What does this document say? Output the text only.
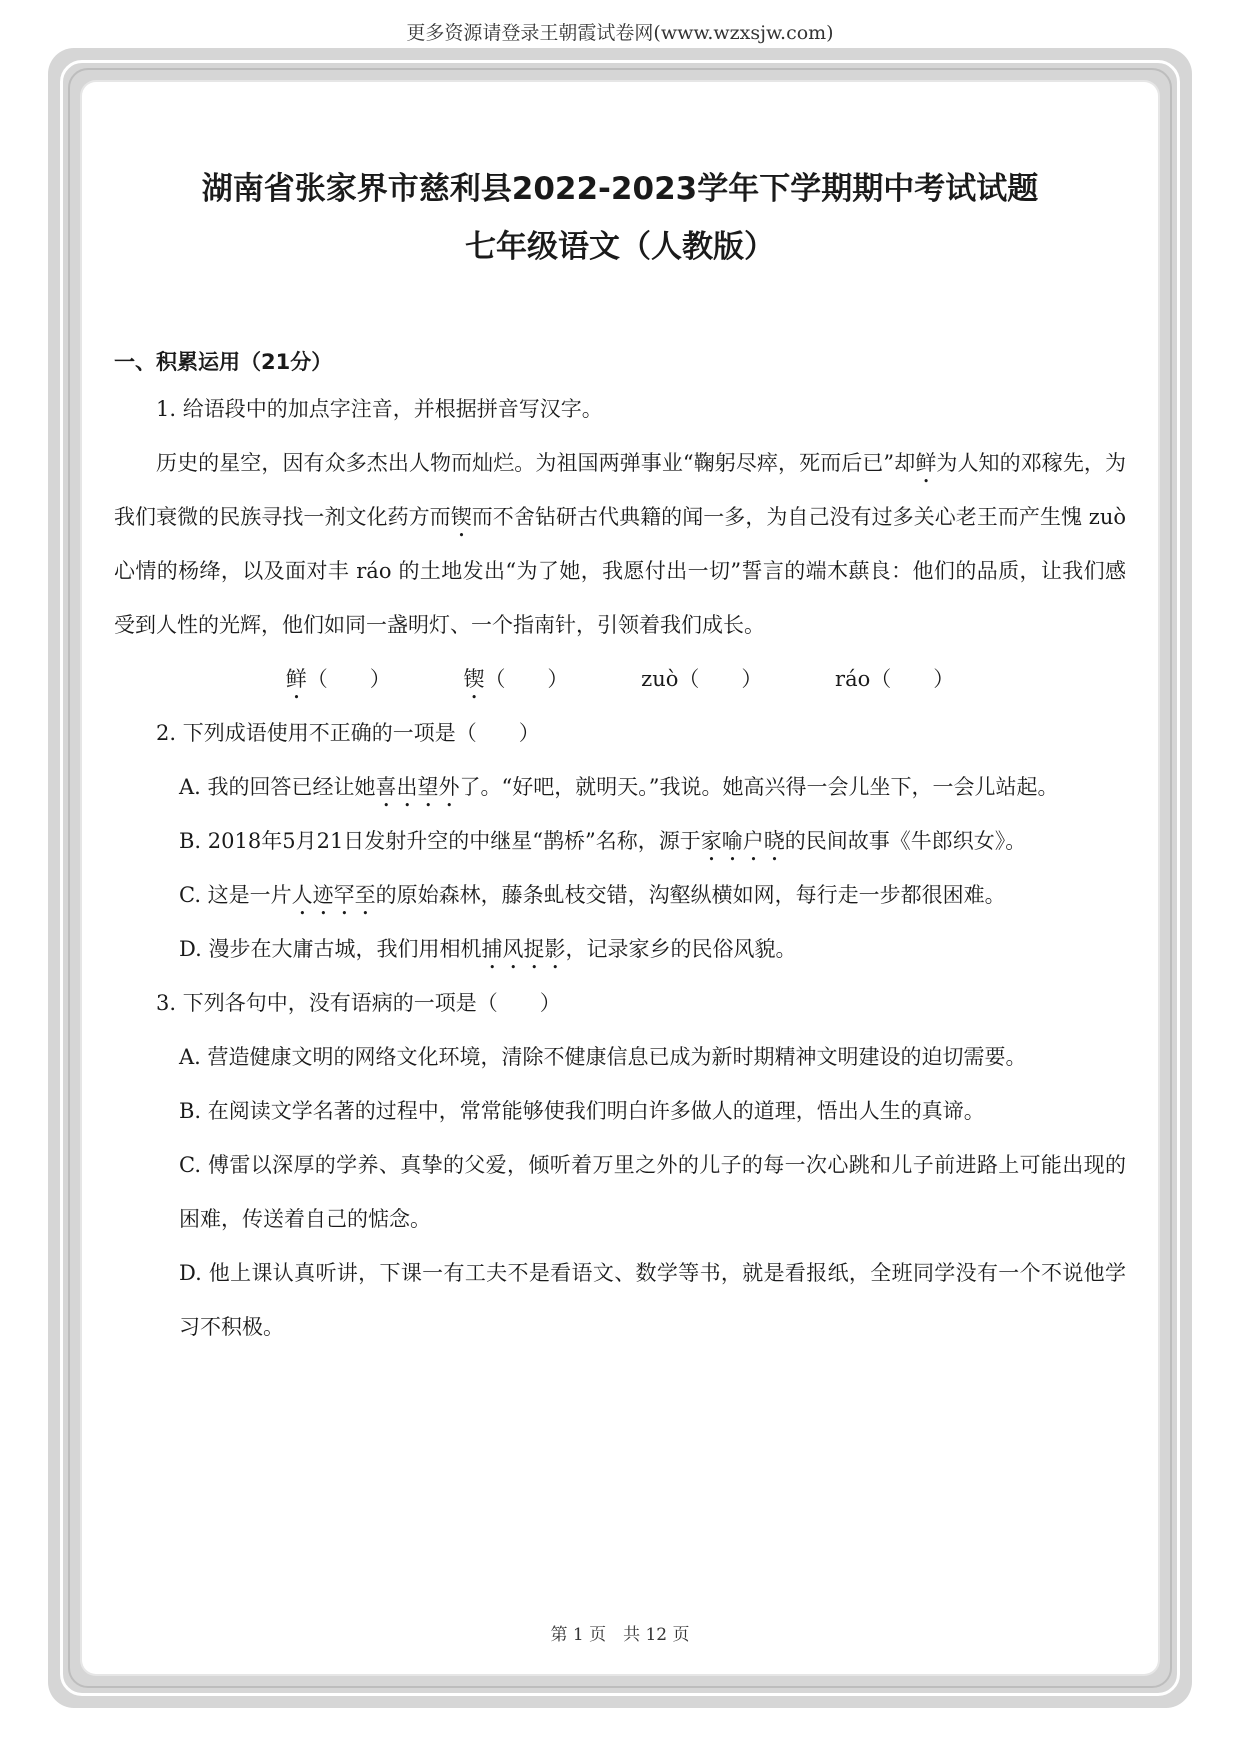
更多资源请登录王朝霞试卷网(www.wzxsjw.com)
湖南省张家界市慈利县2022-2023学年下学期期中考试试题
七年级语文（人教版）
一、积累运用（21分）

1. 给语段中的加点字注音，并根据拼音写汉字。

历史的星空，因有众多杰出人物而灿烂。为祖国两弹事业“鞠躬尽瘁，死而后已”却鲜为人知的邓稼先，为我们衰微的民族寻找一剂文化药方而锲而不舍钻研古代典籍的闻一多，为自己没有过多关心老王而产生愧 zuò 心情的杨绛，以及面对丰 ráo 的土地发出“为了她，我愿付出一切”誓言的端木蕻良：他们的品质，让我们感受到人性的光辉，他们如同一盏明灯、一个指南针，引领着我们成长。

鲜（　　）	锲（　　）	zuò（　　）	ráo（　　）

2. 下列成语使用不正确的一项是（　　）

A. 我的回答已经让她喜出望外了。“好吧，就明天。”我说。她高兴得一会儿坐下，一会儿站起。

B. 2018年5月21日发射升空的中继星“鹊桥”名称，源于家喻户晓的民间故事《牛郎织女》。

C. 这是一片人迹罕至的原始森林，藤条虬枝交错，沟壑纵横如网，每行走一步都很困难。

D. 漫步在大庸古城，我们用相机捕风捉影，记录家乡的民俗风貌。

3. 下列各句中，没有语病的一项是（　　）

A. 营造健康文明的网络文化环境，清除不健康信息已成为新时期精神文明建设的迫切需要。

B. 在阅读文学名著的过程中，常常能够使我们明白许多做人的道理，悟出人生的真谛。

C. 傅雷以深厚的学养、真挚的父爱，倾听着万里之外的儿子的每一次心跳和儿子前进路上可能出现的困难，传送着自己的惦念。

D. 他上课认真听讲，下课一有工夫不是看语文、数学等书，就是看报纸，全班同学没有一个不说他学习不积极。

第 1 页　共 12 页
